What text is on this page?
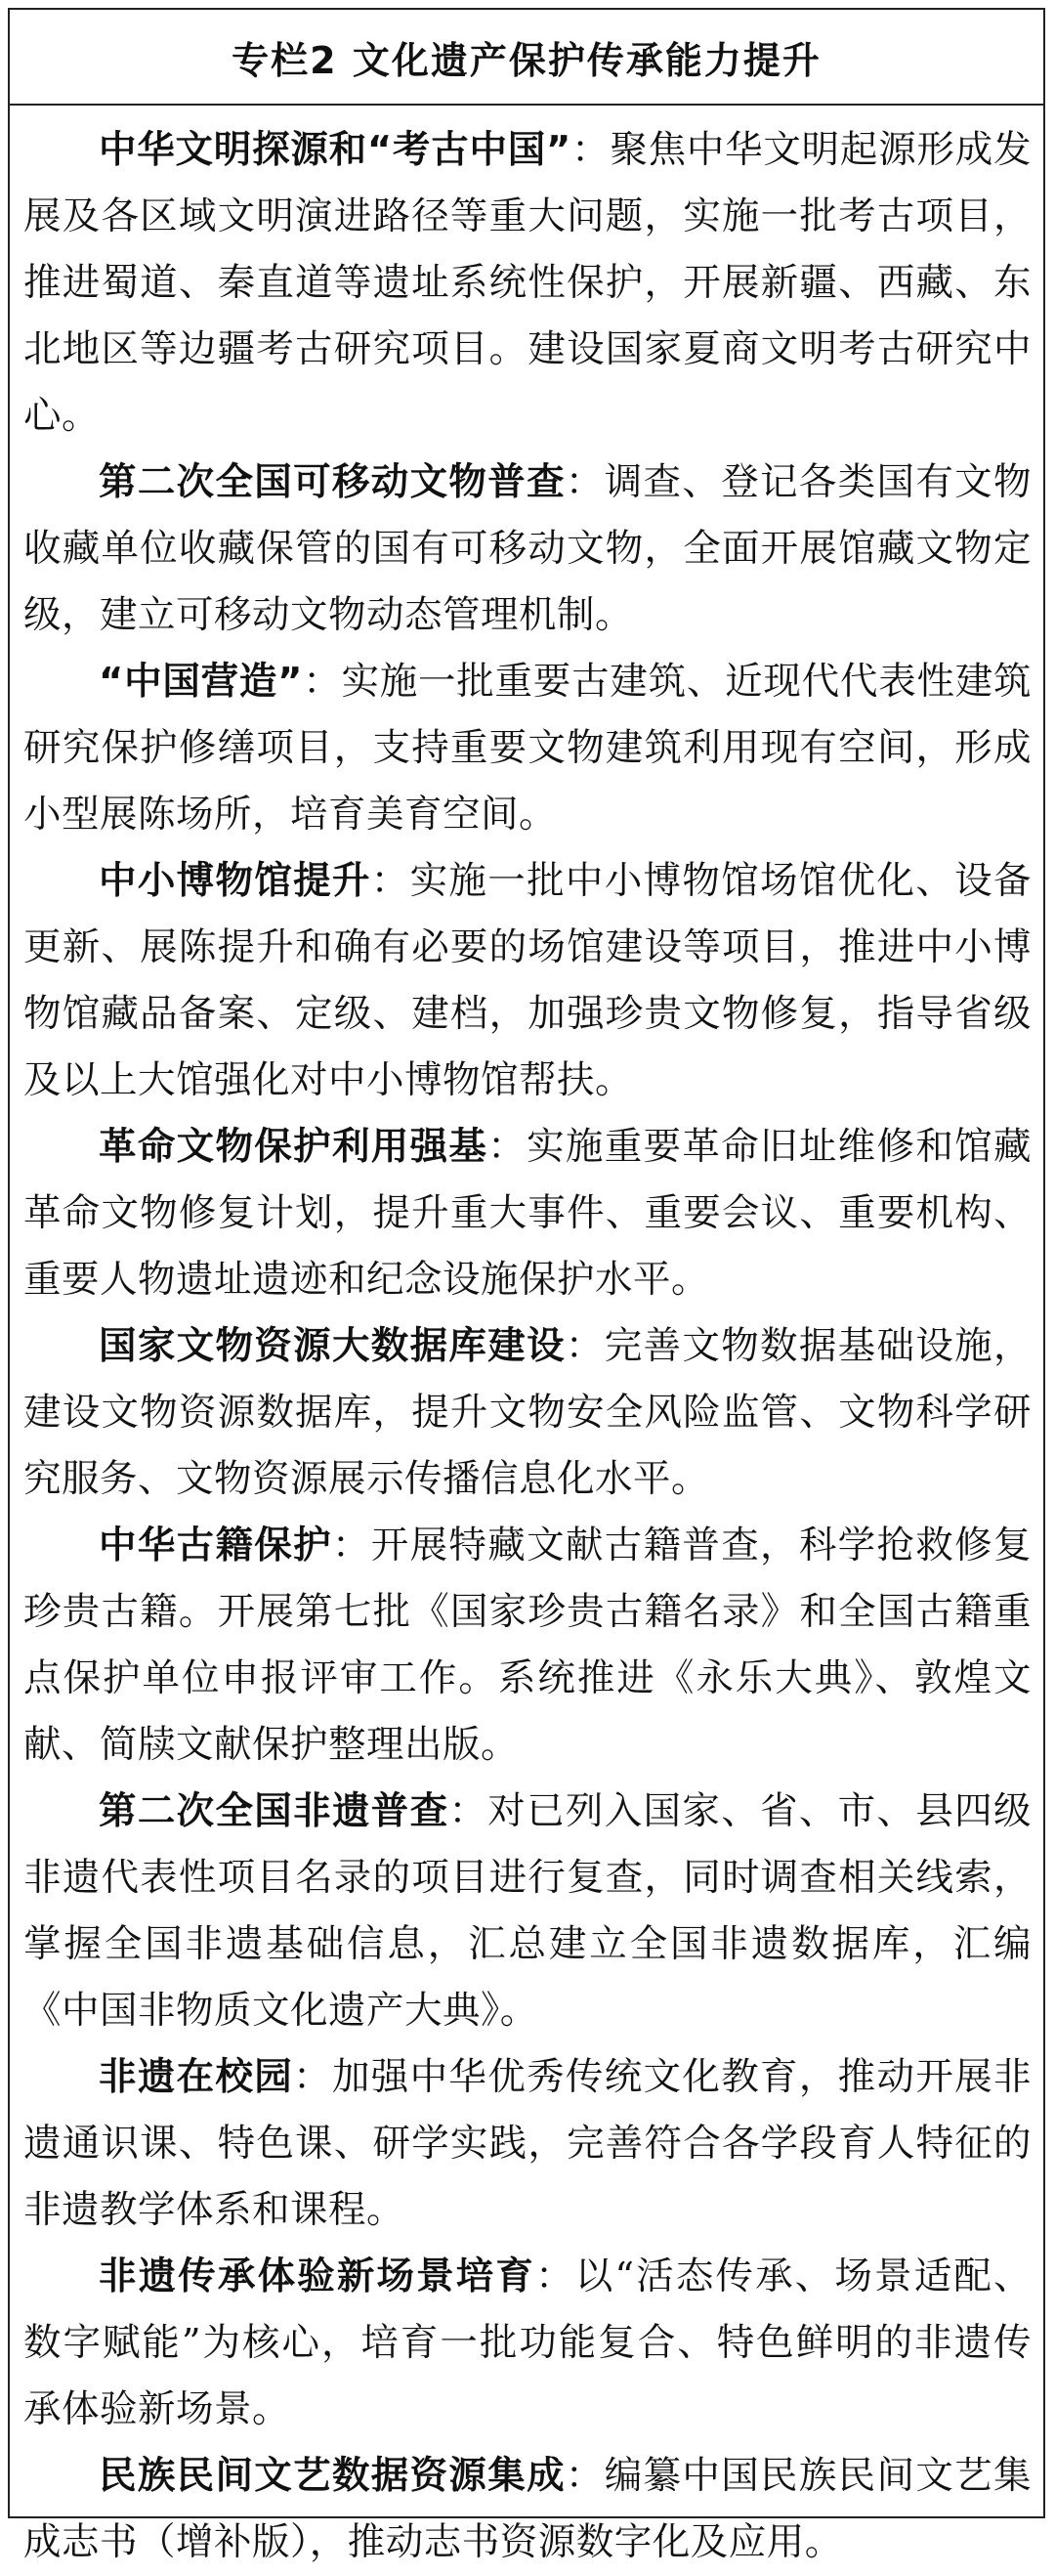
专栏2 文化遗产保护传承能力提升

中华文明探源和“考古中国”：聚焦中华文明起源形成发展及各区域文明演进路径等重大问题，实施一批考古项目，推进蜀道、秦直道等遗址系统性保护，开展新疆、西藏、东北地区等边疆考古研究项目。建设国家夏商文明考古研究中心。

第二次全国可移动文物普查：调查、登记各类国有文物收藏单位收藏保管的国有可移动文物，全面开展馆藏文物定级，建立可移动文物动态管理机制。

“中国营造”：实施一批重要古建筑、近现代代表性建筑研究保护修缮项目，支持重要文物建筑利用现有空间，形成小型展陈场所，培育美育空间。

中小博物馆提升：实施一批中小博物馆场馆优化、设备更新、展陈提升和确有必要的场馆建设等项目，推进中小博物馆藏品备案、定级、建档，加强珍贵文物修复，指导省级及以上大馆强化对中小博物馆帮扶。

革命文物保护利用强基：实施重要革命旧址维修和馆藏革命文物修复计划，提升重大事件、重要会议、重要机构、重要人物遗址遗迹和纪念设施保护水平。

国家文物资源大数据库建设：完善文物数据基础设施，建设文物资源数据库，提升文物安全风险监管、文物科学研究服务、文物资源展示传播信息化水平。

中华古籍保护：开展特藏文献古籍普查，科学抢救修复珍贵古籍。开展第七批《国家珍贵古籍名录》和全国古籍重点保护单位申报评审工作。系统推进《永乐大典》、敦煌文献、简牍文献保护整理出版。

第二次全国非遗普查：对已列入国家、省、市、县四级非遗代表性项目名录的项目进行复查，同时调查相关线索，掌握全国非遗基础信息，汇总建立全国非遗数据库，汇编《中国非物质文化遗产大典》。

非遗在校园：加强中华优秀传统文化教育，推动开展非遗通识课、特色课、研学实践，完善符合各学段育人特征的非遗教学体系和课程。

非遗传承体验新场景培育：以“活态传承、场景适配、数字赋能”为核心，培育一批功能复合、特色鲜明的非遗传承体验新场景。

民族民间文艺数据资源集成：编纂中国民族民间文艺集成志书（增补版），推动志书资源数字化及应用。
